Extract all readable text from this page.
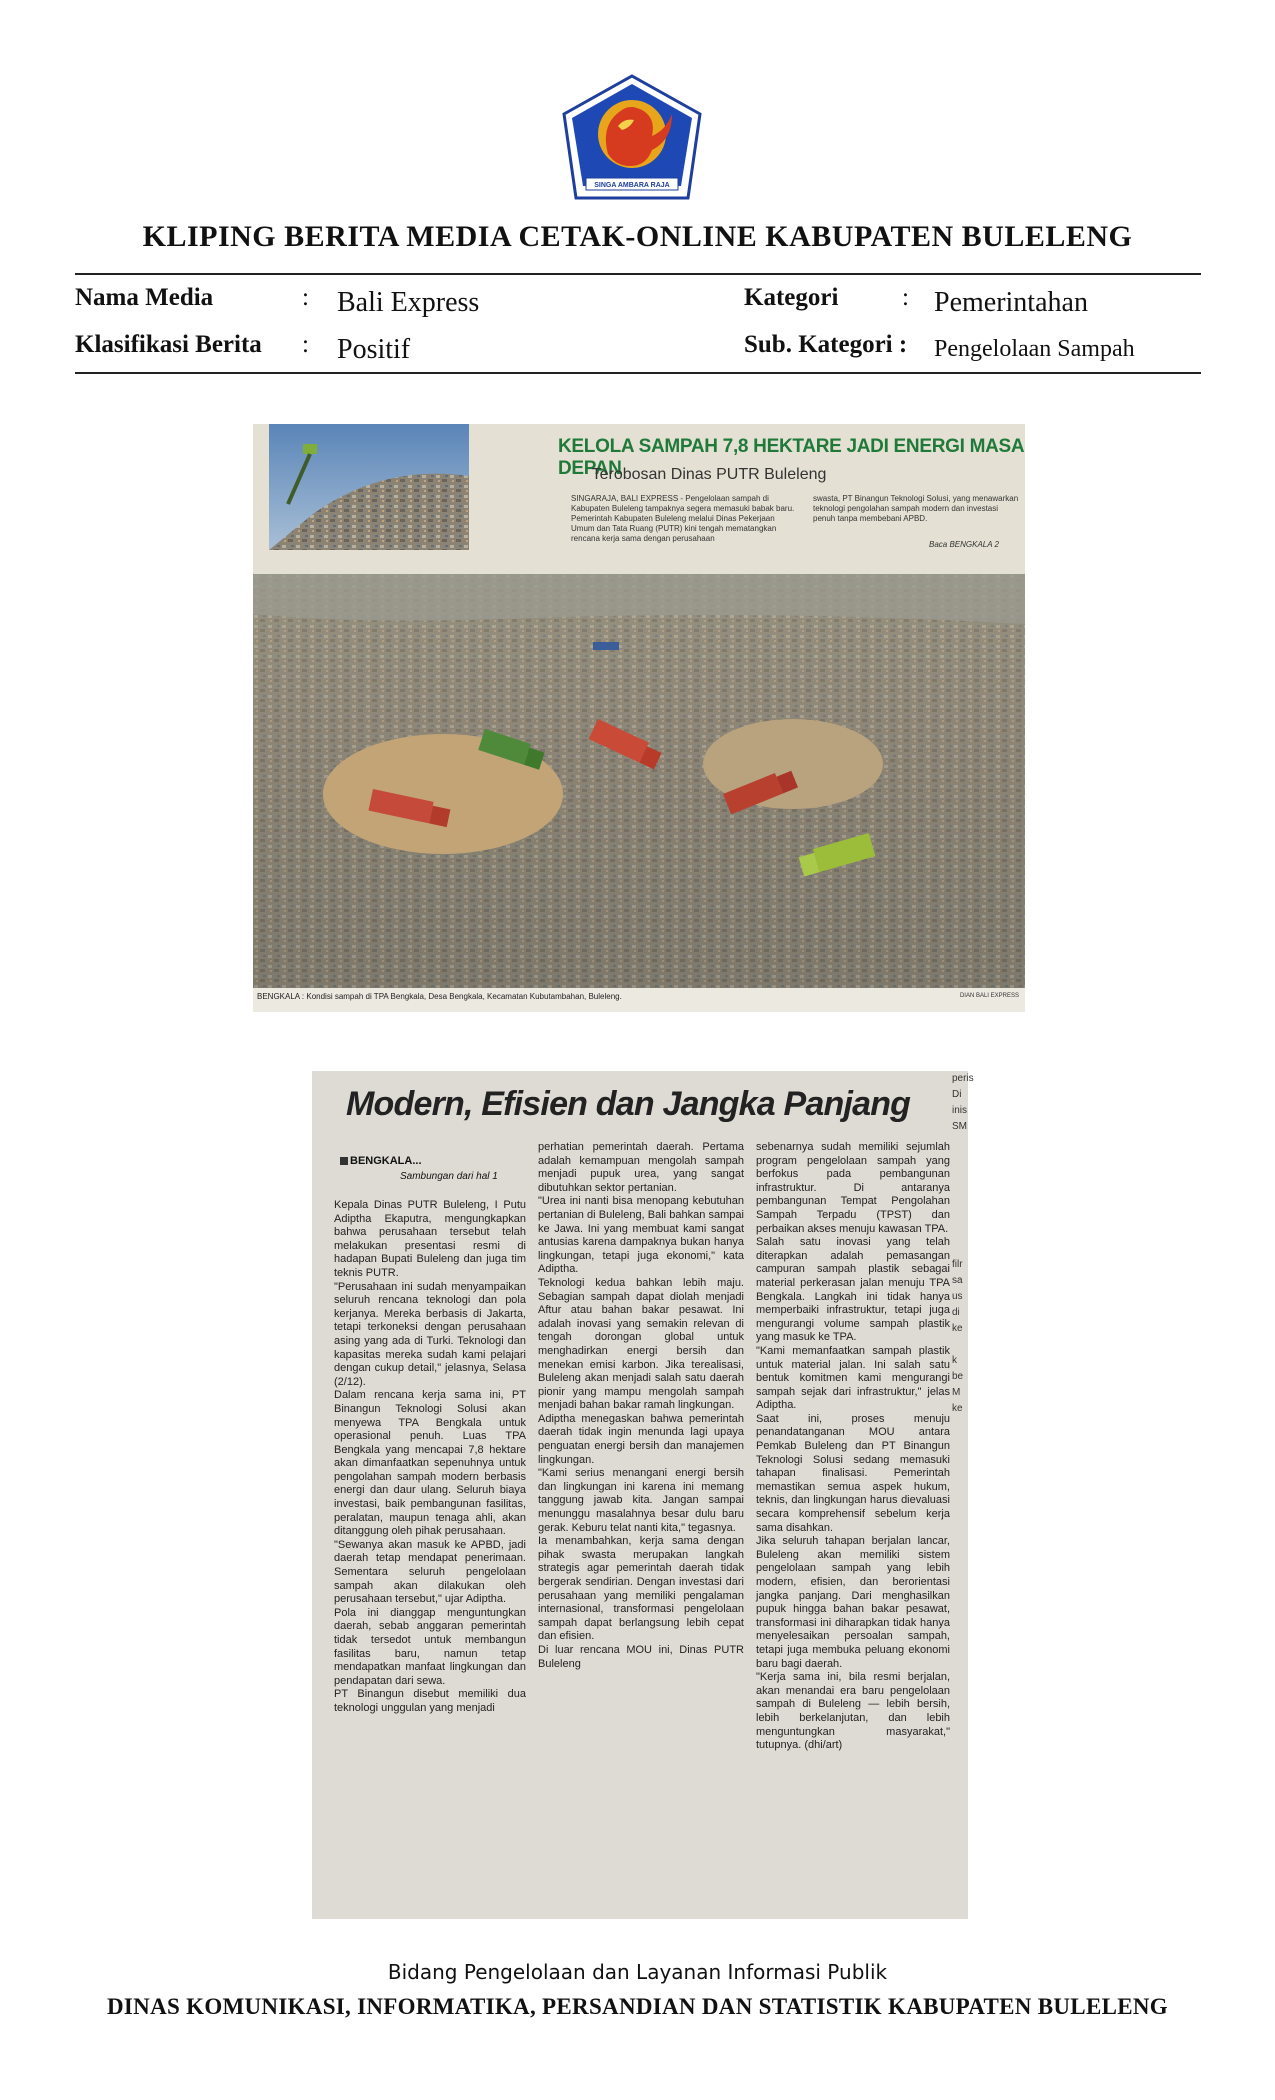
SINGA AMBARA RAJA
KLIPING BERITA MEDIA CETAK-ONLINE KABUPATEN BULELENG
Nama Media	: Bali Express	Kategori	: Pemerintahan
Klasifikasi Berita : Positif	Sub. Kategori : Pengelolaan Sampah
KELOLA SAMPAH 7,8 HEKTARE JADI ENERGI MASA DEPAN
Terobosan Dinas PUTR Buleleng
SINGARAJA, BALI EXPRESS - Pengelolaan sampah di Kabupaten Buleleng tampaknya segera memasuki babak baru. Pemerintah Kabupaten Buleleng melalui Dinas Pekerjaan Umum dan Tata Ruang (PUTR) kini tengah mematangkan rencana kerja sama dengan perusahaan
swasta, PT Binangun Teknologi Solusi, yang menawarkan teknologi pengolahan sampah modern dan investasi penuh tanpa membebani APBD.
Baca BENGKALA 2
BENGKALA : Kondisi sampah di TPA Bengkala, Desa Bengkala, Kecamatan Kubutambahan, Buleleng.	DIAN BALI EXPRESS
Modern, Efisien dan Jangka Panjang
BENGKALA...
Sambungan dari hal 1
Kepala Dinas PUTR Buleleng, I Putu Adiptha Ekaputra, mengungkapkan bahwa perusahaan tersebut telah melakukan presentasi resmi di hadapan Bupati Buleleng dan juga tim teknis PUTR.
"Perusahaan ini sudah menyampaikan seluruh rencana teknologi dan pola kerjanya. Mereka berbasis di Jakarta, tetapi terkoneksi dengan perusahaan asing yang ada di Turki. Teknologi dan kapasitas mereka sudah kami pelajari dengan cukup detail," jelasnya, Selasa (2/12).
Dalam rencana kerja sama ini, PT Binangun Teknologi Solusi akan menyewa TPA Bengkala untuk operasional penuh. Luas TPA Bengkala yang mencapai 7,8 hektare akan dimanfaatkan sepenuhnya untuk pengolahan sampah modern berbasis energi dan daur ulang. Seluruh biaya investasi, baik pembangunan fasilitas, peralatan, maupun tenaga ahli, akan ditanggung oleh pihak perusahaan.
"Sewanya akan masuk ke APBD, jadi daerah tetap mendapat penerimaan. Sementara seluruh pengelolaan sampah akan dilakukan oleh perusahaan tersebut," ujar Adiptha.
Pola ini dianggap menguntungkan daerah, sebab anggaran pemerintah tidak tersedot untuk membangun fasilitas baru, namun tetap mendapatkan manfaat lingkungan dan pendapatan dari sewa.
PT Binangun disebut memiliki dua teknologi unggulan yang menjadi
perhatian pemerintah daerah. Pertama adalah kemampuan mengolah sampah menjadi pupuk urea, yang sangat dibutuhkan sektor pertanian.
"Urea ini nanti bisa menopang kebutuhan pertanian di Buleleng, Bali bahkan sampai ke Jawa. Ini yang membuat kami sangat antusias karena dampaknya bukan hanya lingkungan, tetapi juga ekonomi," kata Adiptha.
Teknologi kedua bahkan lebih maju. Sebagian sampah dapat diolah menjadi Aftur atau bahan bakar pesawat. Ini adalah inovasi yang semakin relevan di tengah dorongan global untuk menghadirkan energi bersih dan menekan emisi karbon. Jika terealisasi, Buleleng akan menjadi salah satu daerah pionir yang mampu mengolah sampah menjadi bahan bakar ramah lingkungan.
Adiptha menegaskan bahwa pemerintah daerah tidak ingin menunda lagi upaya penguatan energi bersih dan manajemen lingkungan.
"Kami serius menangani energi bersih dan lingkungan ini karena ini memang tanggung jawab kita. Jangan sampai menunggu masalahnya besar dulu baru gerak. Keburu telat nanti kita," tegasnya.
Ia menambahkan, kerja sama dengan pihak swasta merupakan langkah strategis agar pemerintah daerah tidak bergerak sendirian. Dengan investasi dari perusahaan yang memiliki pengalaman internasional, transformasi pengelolaan sampah dapat berlangsung lebih cepat dan efisien.
Di luar rencana MOU ini, Dinas PUTR Buleleng
sebenarnya sudah memiliki sejumlah program pengelolaan sampah yang berfokus pada pembangunan infrastruktur. Di antaranya pembangunan Tempat Pengolahan Sampah Terpadu (TPST) dan perbaikan akses menuju kawasan TPA.
Salah satu inovasi yang telah diterapkan adalah pemasangan campuran sampah plastik sebagai material perkerasan jalan menuju TPA Bengkala. Langkah ini tidak hanya memperbaiki infrastruktur, tetapi juga mengurangi volume sampah plastik yang masuk ke TPA.
"Kami memanfaatkan sampah plastik untuk material jalan. Ini salah satu bentuk komitmen kami mengurangi sampah sejak dari infrastruktur," jelas Adiptha.
Saat ini, proses menuju penandatanganan MOU antara Pemkab Buleleng dan PT Binangun Teknologi Solusi sedang memasuki tahapan finalisasi. Pemerintah memastikan semua aspek hukum, teknis, dan lingkungan harus dievaluasi secara komprehensif sebelum kerja sama disahkan.
Jika seluruh tahapan berjalan lancar, Buleleng akan memiliki sistem pengelolaan sampah yang lebih modern, efisien, dan berorientasi jangka panjang. Dari menghasilkan pupuk hingga bahan bakar pesawat, transformasi ini diharapkan tidak hanya menyelesaikan persoalan sampah, tetapi juga membuka peluang ekonomi baru bagi daerah.
"Kerja sama ini, bila resmi berjalan, akan menandai era baru pengelolaan sampah di Buleleng — lebih bersih, lebih berkelanjutan, dan lebih menguntungkan masyarakat," tutupnya. (dhi/art)
peris
Di
inis
SM
filr
sa
us
di
ke

k
be
M
ke
Bidang Pengelolaan dan Layanan Informasi Publik
DINAS KOMUNIKASI, INFORMATIKA, PERSANDIAN DAN STATISTIK KABUPATEN BULELENG
